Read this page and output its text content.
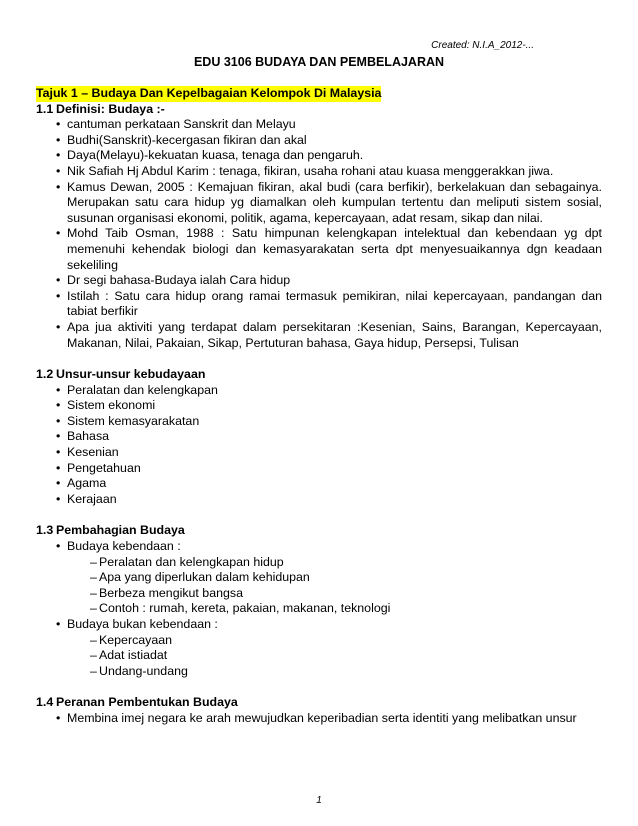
Created: N.I.A_2012-...
EDU 3106 BUDAYA DAN PEMBELAJARAN
Tajuk 1 – Budaya Dan Kepelbagaian Kelompok Di Malaysia
1.1 Definisi: Budaya :-
• cantuman perkataan Sanskrit dan Melayu
• Budhi(Sanskrit)-kecergasan fikiran dan akal
• Daya(Melayu)-kekuatan kuasa, tenaga dan pengaruh.
• Nik Safiah Hj Abdul Karim : tenaga, fikiran, usaha rohani atau kuasa menggerakkan jiwa.
• Kamus Dewan, 2005 : Kemajuan fikiran, akal budi (cara berfikir), berkelakuan dan sebagainya. Merupakan satu cara hidup yg diamalkan oleh kumpulan tertentu dan meliputi sistem sosial, susunan organisasi ekonomi, politik, agama, kepercayaan, adat resam, sikap dan nilai.
• Mohd Taib Osman, 1988 : Satu himpunan kelengkapan intelektual dan kebendaan yg dpt memenuhi kehendak biologi dan kemasyarakatan serta dpt menyesuaikannya dgn keadaan sekeliling
• Dr segi bahasa-Budaya ialah Cara hidup
• Istilah : Satu cara hidup orang ramai termasuk pemikiran, nilai kepercayaan, pandangan dan tabiat berfikir
• Apa jua aktiviti yang terdapat dalam persekitaran :Kesenian, Sains, Barangan, Kepercayaan, Makanan, Nilai, Pakaian, Sikap, Pertuturan bahasa, Gaya hidup, Persepsi, Tulisan
1.2 Unsur-unsur kebudayaan
• Peralatan dan kelengkapan
• Sistem ekonomi
• Sistem kemasyarakatan
• Bahasa
• Kesenian
• Pengetahuan
• Agama
• Kerajaan
1.3 Pembahagian Budaya
• Budaya kebendaan :
– Peralatan dan kelengkapan hidup
– Apa yang diperlukan dalam kehidupan
– Berbeza mengikut bangsa
– Contoh : rumah, kereta, pakaian, makanan, teknologi
• Budaya bukan kebendaan :
– Kepercayaan
– Adat istiadat
– Undang-undang
1.4 Peranan Pembentukan Budaya
• Membina imej negara ke arah mewujudkan keperibadian serta identiti yang melibatkan unsur
1
